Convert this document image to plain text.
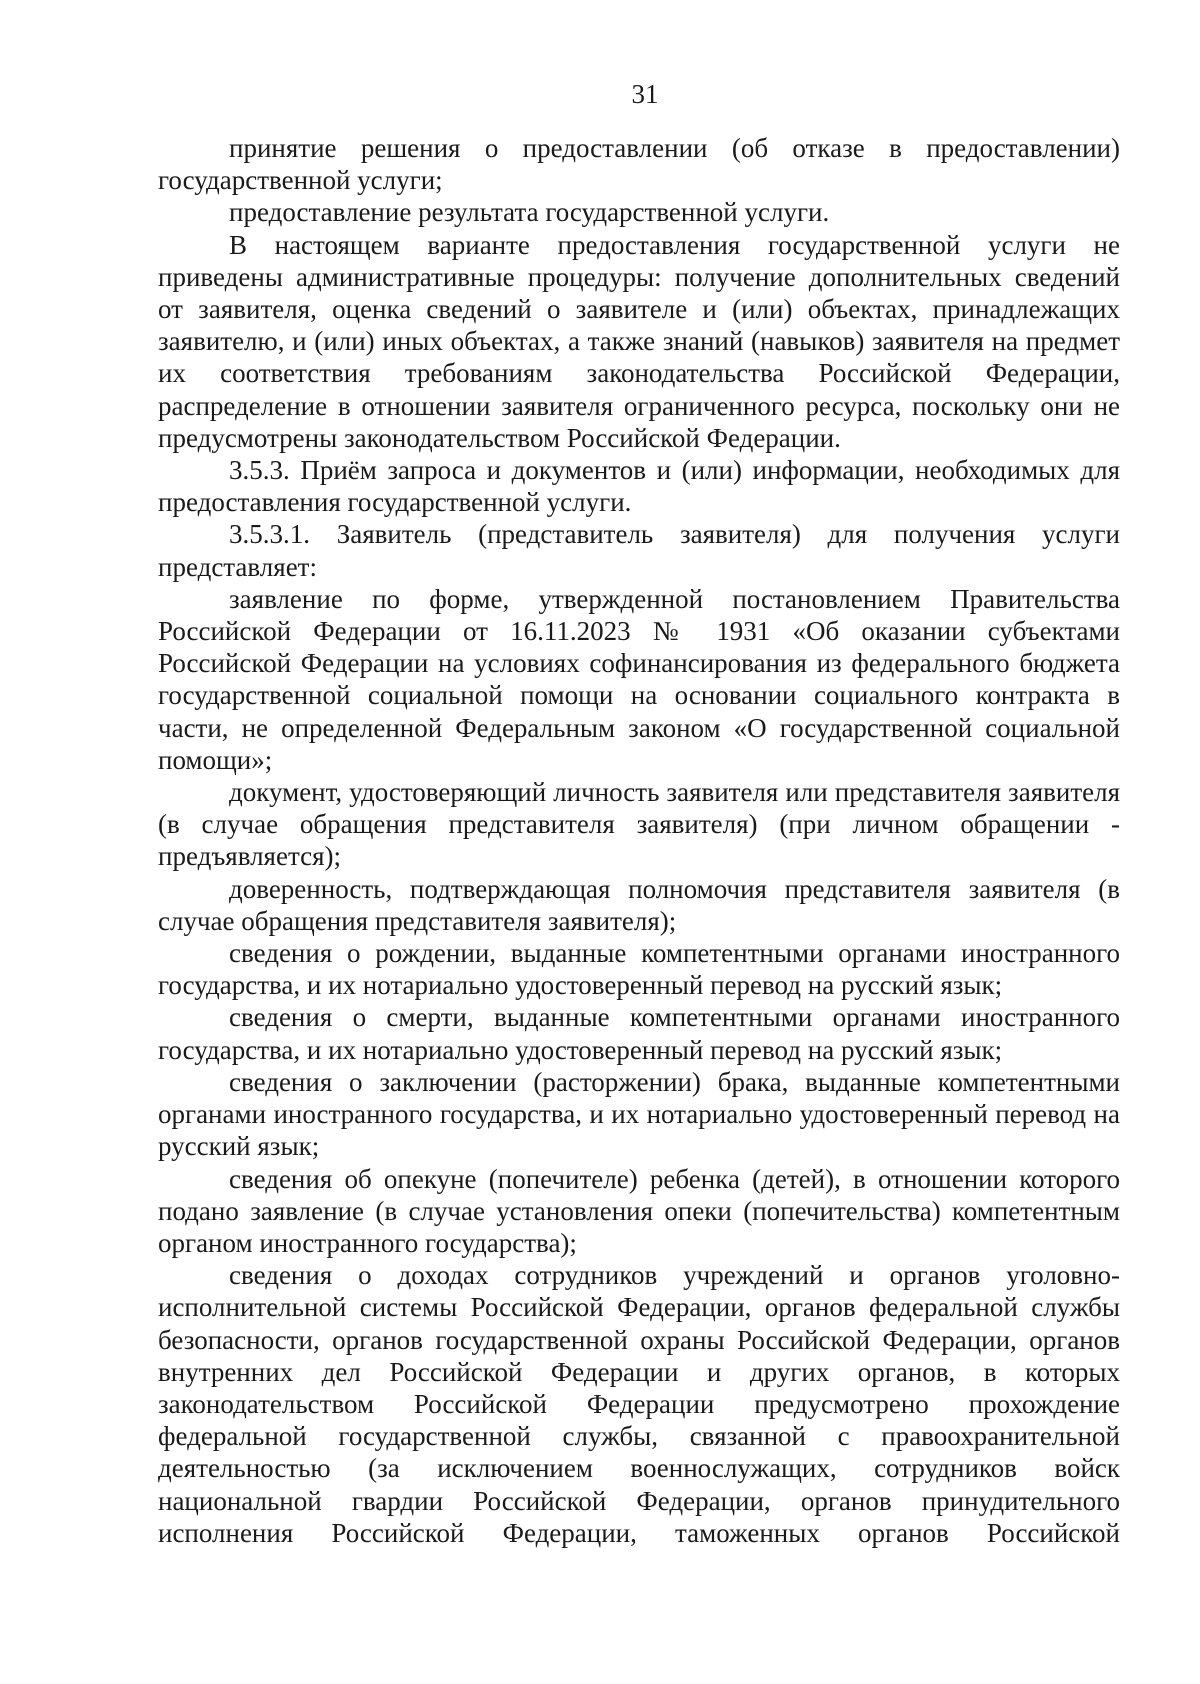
31

принятие решения о предоставлении (об отказе в предоставлении) государственной услуги;

предоставление результата государственной услуги.

В настоящем варианте предоставления государственной услуги не приведены административные процедуры: получение дополнительных сведений от заявителя, оценка сведений о заявителе и (или) объектах, принадлежащих заявителю, и (или) иных объектах, а также знаний (навыков) заявителя на предмет их соответствия требованиям законодательства Российской Федерации, распределение в отношении заявителя ограниченного ресурса, поскольку они не предусмотрены законодательством Российской Федерации.

3.5.3. Приём запроса и документов и (или) информации, необходимых для предоставления государственной услуги.

3.5.3.1. Заявитель (представитель заявителя) для получения услуги представляет:

заявление по форме, утвержденной постановлением Правительства Российской Федерации от 16.11.2023 № 1931 «Об оказании субъектами Российской Федерации на условиях софинансирования из федерального бюджета государственной социальной помощи на основании социального контракта в части, не определенной Федеральным законом «О государственной социальной помощи»;

документ, удостоверяющий личность заявителя или представителя заявителя (в случае обращения представителя заявителя) (при личном обращении - предъявляется);

доверенность, подтверждающая полномочия представителя заявителя (в случае обращения представителя заявителя);

сведения о рождении, выданные компетентными органами иностранного государства, и их нотариально удостоверенный перевод на русский язык;

сведения о смерти, выданные компетентными органами иностранного государства, и их нотариально удостоверенный перевод на русский язык;

сведения о заключении (расторжении) брака, выданные компетентными органами иностранного государства, и их нотариально удостоверенный перевод на русский язык;

сведения об опекуне (попечителе) ребенка (детей), в отношении которого подано заявление (в случае установления опеки (попечительства) компетентным органом иностранного государства);

сведения о доходах сотрудников учреждений и органов уголовно-исполнительной системы Российской Федерации, органов федеральной службы безопасности, органов государственной охраны Российской Федерации, органов внутренних дел Российской Федерации и других органов, в которых законодательством Российской Федерации предусмотрено прохождение федеральной государственной службы, связанной с правоохранительной деятельностью (за исключением военнослужащих, сотрудников войск национальной гвардии Российской Федерации, органов принудительного исполнения Российской Федерации, таможенных органов Российской
